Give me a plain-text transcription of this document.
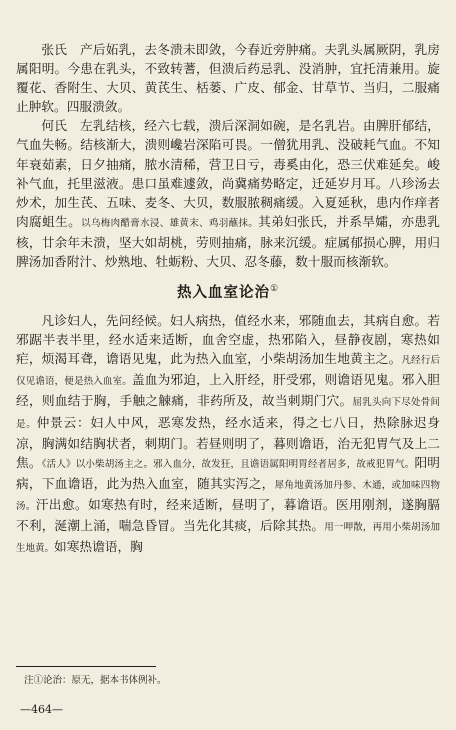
张氏　产后妬乳，去冬溃未即敛，今春近旁肿痛。夫乳头属厥阴，乳房属阳明。今患在乳头，不致转蓍，但溃后药忌乳、没消肿，宜托清兼用。旋覆花、香附生、大贝、黄芪生、栝蒌、广皮、郁金、甘草节、当归，二服痛止肿软。四服溃敛。

何氏　左乳结核，经六七载，溃后深洞如碗，是名乳岩。由脾肝郁结，气血失畅。结核渐大，溃则巉岩深陷可畏。一僧犹用乳、没破耗气血。不知年衰茹素，日夕抽痛，脓水清稀，营卫日亏，毒奚由化，恐三伏难延矣。峻补气血，托里滋液。患口虽难遽敛，尚冀痛势略定，迁延岁月耳。八珍汤去炒术，加生芪、五味、麦冬、大贝，数服脓稠痛缓。入夏延秋，患内作痒者肉腐蛆生。以乌梅肉醋膏水浸、雄黄末、鸡羽蘸抹。其弟妇张氏，并系旱孀，亦患乳核，廿余年未溃，坚大如胡桃，劳则抽痛，脉来沉缓。症属郁损心脾，用归脾汤加香附汁、炒熟地、牡蛎粉、大贝、忍冬藤，数十服而核渐软。

热入血室论治①

凡诊妇人，先问经候。妇人病热，值经水来，邪随血去，其病自愈。若邪踞半表半里，经水适来适断，血舍空虚，热邪陷入，昼静夜剧，寒热如疟，烦渴耳聋，谵语见鬼，此为热入血室，小柴胡汤加生地黄主之。凡经行后仅见谵语，便是热入血室。盖血为邪迫，上入肝经，肝受邪，则谵语见鬼。邪入胆经，则血结于胸，手触之觫痛，非药所及，故当刺期门穴。屈乳头向下尽处骨间是。仲景云：妇人中风，恶寒发热，经水适来，得之七八日，热除脉迟身凉，胸满如结胸状者，刺期门。若昼则明了，暮则谵语，治无犯胃气及上二焦。《活人》以小柴胡汤主之。邪入血分，故发狂，且谵语属阳明胃经者居多，故戒犯胃气。阳明病，下血谵语，此为热入血室，随其实泻之，犀角地黄汤加丹参、木通，或加味四物汤。汗出愈。如寒热有时，经来适断，昼明了，暮谵语。医用刚剂，遂胸膈不利，涎潮上涌，喘急昏冒。当先化其痰，后除其热。用一呷散，再用小柴胡汤加生地黄。如寒热谵语，胸

注①论治：原无，据本书体例补。
—464—
